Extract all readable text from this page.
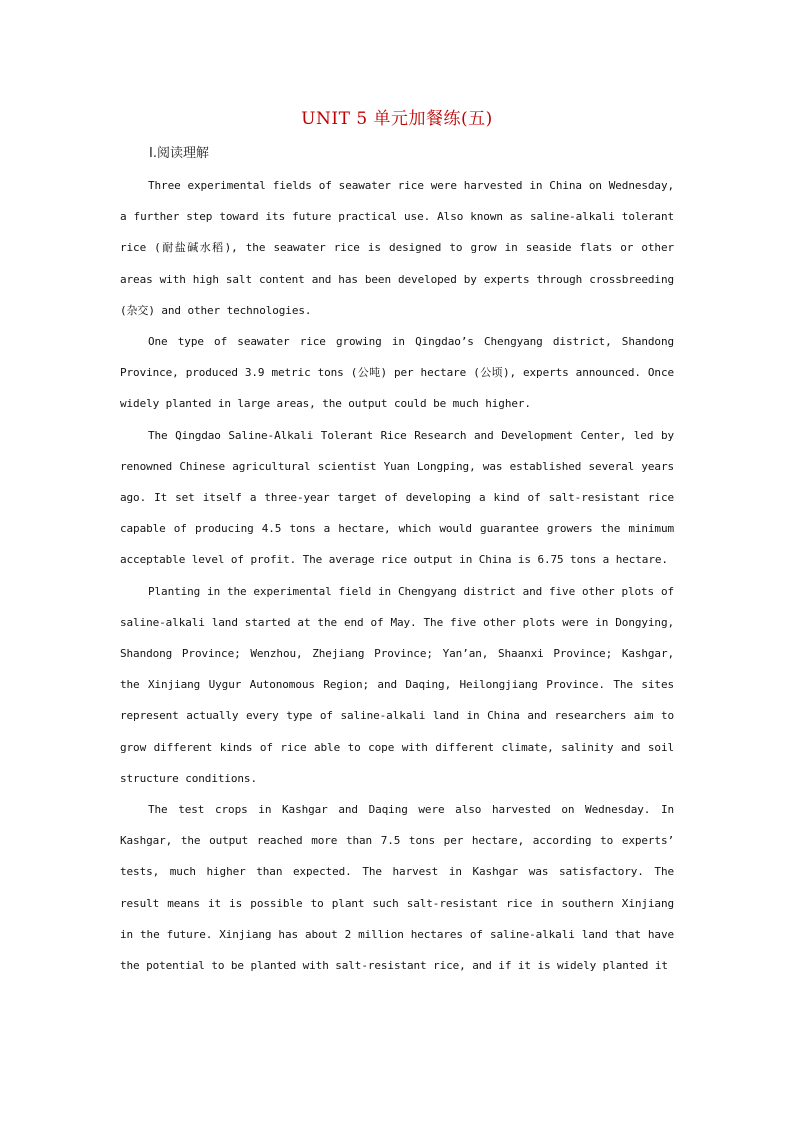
UNIT 5 单元加餐练(五)
Ⅰ.阅读理解

Three experimental fields of seawater rice were harvested in China on Wednesday, a further step toward its future practical use. Also known as saline-alkali tolerant rice (耐盐碱水稻), the seawater rice is designed to grow in seaside flats or other areas with high salt content and has been developed by experts through crossbreeding (杂交) and other technologies.

One type of seawater rice growing in Qingdao’s Chengyang district, Shandong Province, produced 3.9 metric tons (公吨) per hectare (公顷), experts announced. Once widely planted in large areas, the output could be much higher.

The Qingdao Saline-Alkali Tolerant Rice Research and Development Center, led by renowned Chinese agricultural scientist Yuan Longping, was established several years ago. It set itself a three-year target of developing a kind of salt-resistant rice capable of producing 4.5 tons a hectare, which would guarantee growers the minimum acceptable level of profit. The average rice output in China is 6.75 tons a hectare.

Planting in the experimental field in Chengyang district and five other plots of saline-alkali land started at the end of May. The five other plots were in Dongying, Shandong Province; Wenzhou, Zhejiang Province; Yan’an, Shaanxi Province; Kashgar, the Xinjiang Uygur Autonomous Region; and Daqing, Heilongjiang Province. The sites represent actually every type of saline-alkali land in China and researchers aim to grow different kinds of rice able to cope with different climate, salinity and soil structure conditions.

The test crops in Kashgar and Daqing were also harvested on Wednesday. In Kashgar, the output reached more than 7.5 tons per hectare, according to experts’ tests, much higher than expected. The harvest in Kashgar was satisfactory. The result means it is possible to plant such salt-resistant rice in southern Xinjiang in the future. Xinjiang has about 2 million hectares of saline-alkali land that have the potential to be planted with salt-resistant rice, and if it is widely planted it
